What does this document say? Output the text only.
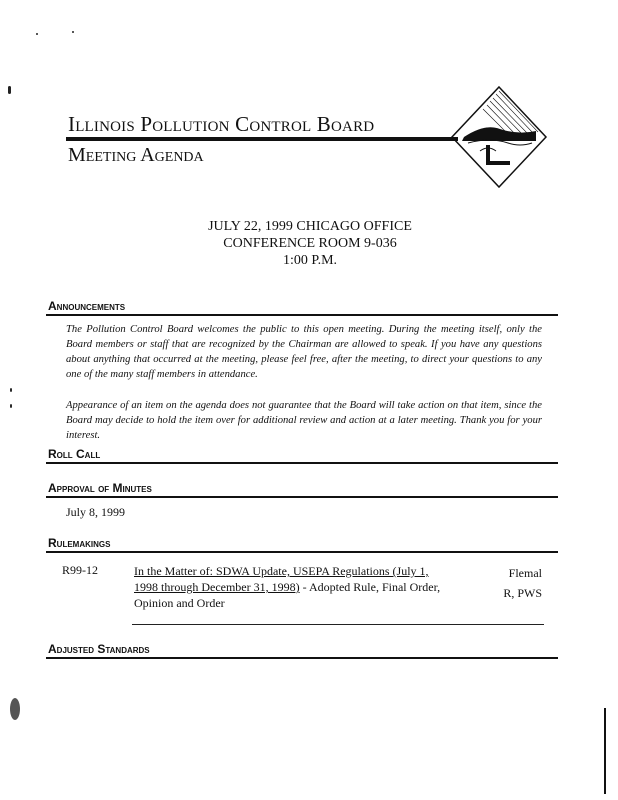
Illinois Pollution Control Board
Meeting Agenda
JULY 22, 1999 CHICAGO OFFICE
CONFERENCE ROOM 9-036
1:00 P.M.
Announcements
The Pollution Control Board welcomes the public to this open meeting. During the meeting itself, only the Board members or staff that are recognized by the Chairman are allowed to speak. If you have any questions about anything that occurred at the meeting, please feel free, after the meeting, to direct your questions to any one of the many staff members in attendance.
Appearance of an item on the agenda does not guarantee that the Board will take action on that item, since the Board may decide to hold the item over for additional review and action at a later meeting. Thank you for your interest.
Roll Call
Approval of Minutes
July 8, 1999
Rulemakings
R99-12	In the Matter of: SDWA Update, USEPA Regulations (July 1, 1998 through December 31, 1998) - Adopted Rule, Final Order, Opinion and Order
Flemal
R, PWS
Adjusted Standards
